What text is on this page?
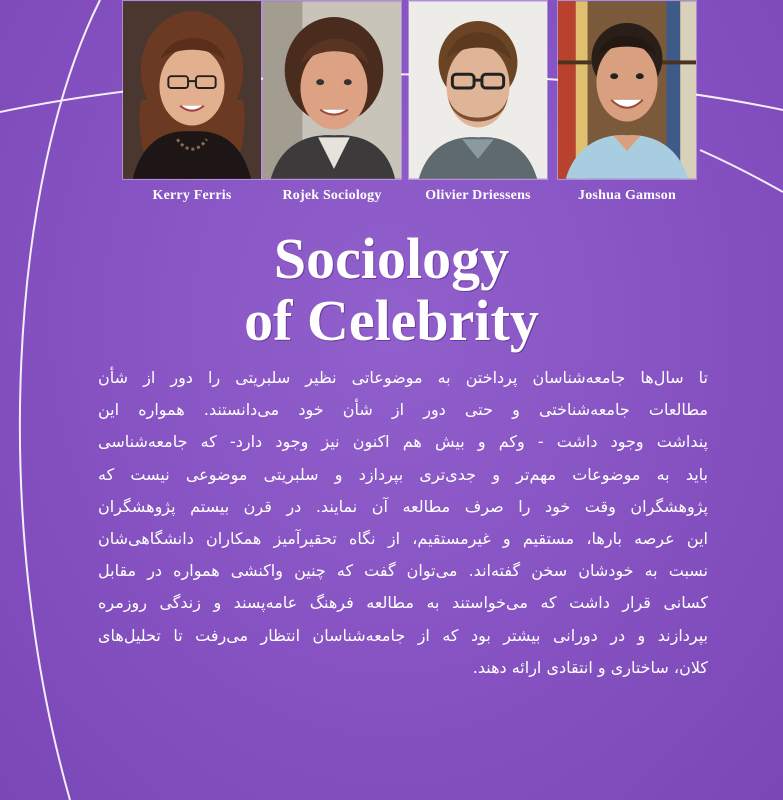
Kerry Ferris	Rojek Sociology	Olivier Driessens	Joshua Gamson
Sociology
of Celebrity
تا سال‌ها جامعه‌شناسان پرداختن به موضوعاتی نظیر سلبریتی را دور از شأن
مطالعات جامعه‌شناختی و حتی دور از شأن خود می‌دانستند. همواره این
پنداشت وجود داشت - وکم و بیش هم اکنون نیز وجود دارد- که جامعه‌شناسی
باید به موضوعات مهم‌تر و جدی‌تری بپردازد و سلبریتی موضوعی نیست که
پژوهشگران وقت خود را صرف مطالعه آن نمایند. در قرن بیستم پژوهشگران
این عرصه بارها، مستقیم و غیرمستقیم، از نگاه تحقیرآمیز همکاران دانشگاهی‌شان
نسبت به خودشان سخن گفته‌اند. می‌توان گفت که چنین واکنشی همواره در مقابل
کسانی قرار داشت که می‌خواستند به مطالعه فرهنگ عامه‌پسند و زندگی روزمره
بپردازند و در دورانی بیشتر بود که از جامعه‌شناسان انتظار می‌رفت تا تحلیل‌های
کلان، ساختاری و انتقادی ارائه دهند.
